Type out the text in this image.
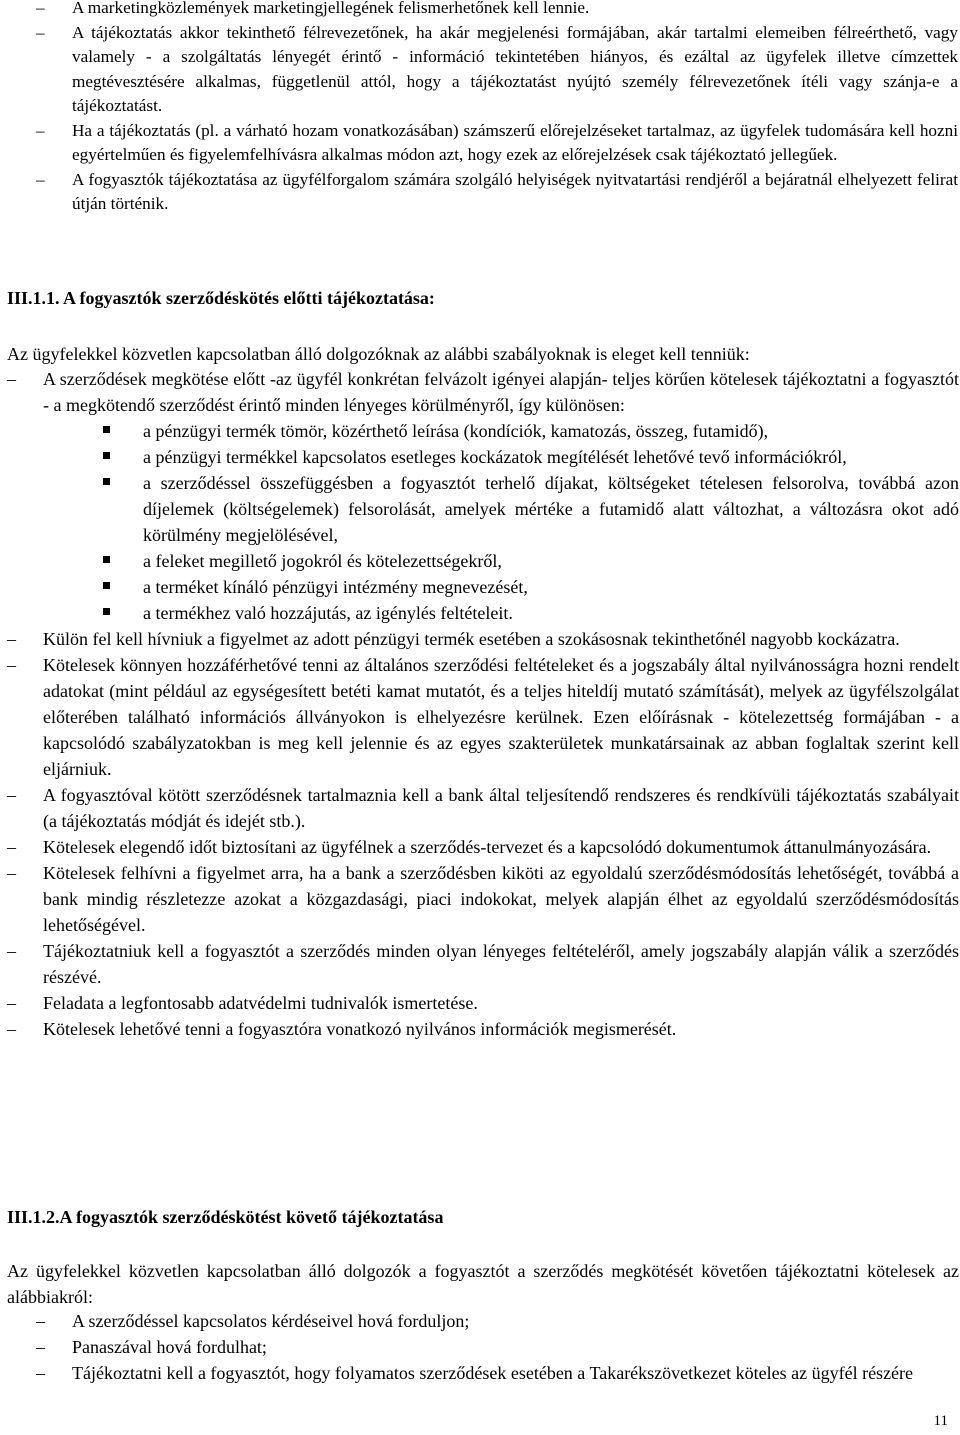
– A marketingközlemények marketingjellegének felismerhetőnek kell lennie.
– A tájékoztatás akkor tekinthető félrevezetőnek, ha akár megjelenési formájában, akár tartalmi elemeiben félreérthető, vagy valamely - a szolgáltatás lényegét érintő - információ tekintetében hiányos, és ezáltal az ügyfelek illetve címzettek megtévesztésére alkalmas, függetlenül attól, hogy a tájékoztatást nyújtó személy félrevezetőnek ítéli vagy szánja-e a tájékoztatást.
– Ha a tájékoztatás (pl. a várható hozam vonatkozásában) számszerű előrejelzéseket tartalmaz, az ügyfelek tudomására kell hozni egyértelműen és figyelemfelhívásra alkalmas módon azt, hogy ezek az előrejelzések csak tájékoztató jellegűek.
– A fogyasztók tájékoztatása az ügyfélforgalom számára szolgáló helyiségek nyitvatartási rendjéről a bejáratnál elhelyezett felirat útján történik.
III.1.1. A fogyasztók szerződéskötés előtti tájékoztatása:
Az ügyfelekkel közvetlen kapcsolatban álló dolgozóknak az alábbi szabályoknak is eleget kell tenniük:
– A szerződések megkötése előtt -az ügyfél konkrétan felvázolt igényei alapján- teljes körűen kötelesek tájékoztatni a fogyasztót - a megkötendő szerződést érintő minden lényeges körülményről, így különösen:
a pénzügyi termék tömör, közérthető leírása (kondíciók, kamatozás, összeg, futamidő),
a pénzügyi termékkel kapcsolatos esetleges kockázatok megítélését lehetővé tevő információkról,
a szerződéssel összefüggésben a fogyasztót terhelő díjakat, költségeket tételesen felsorolva, továbbá azon díjelemek (költségelemek) felsorolását, amelyek mértéke a futamidő alatt változhat, a változásra okot adó körülmény megjelölésével,
a feleket megillető jogokról és kötelezettségekről,
a terméket kínáló pénzügyi intézmény megnevezését,
a termékhez való hozzájutás, az igénylés feltételeit.
– Külön fel kell hívniuk a figyelmet az adott pénzügyi termék esetében a szokásosnak tekinthetőnél nagyobb kockázatra.
– Kötelesek könnyen hozzáférhetővé tenni az általános szerződési feltételeket és a jogszabály által nyilvánosságra hozni rendelt adatokat (mint például az egységesített betéti kamat mutatót, és a teljes hiteldíj mutató számítását), melyek az ügyfélszolgálat előterében található információs állványokon is elhelyezésre kerülnek. Ezen előírásnak - kötelezettség formájában - a kapcsolódó szabályzatokban is meg kell jelennie és az egyes szakterületek munkatársainak az abban foglaltak szerint kell eljárniuk.
– A fogyasztóval kötött szerződésnek tartalmaznia kell a bank által teljesítendő rendszeres és rendkívüli tájékoztatás szabályait (a tájékoztatás módját és idejét stb.).
– Kötelesek elegendő időt biztosítani az ügyfélnek a szerződés-tervezet és a kapcsolódó dokumentumok áttanulmányozására.
– Kötelesek felhívni a figyelmet arra, ha a bank a szerződésben kiköti az egyoldalú szerződésmódosítás lehetőségét, továbbá a bank mindig részletezze azokat a közgazdasági, piaci indokokat, melyek alapján élhet az egyoldalú szerződésmódosítás lehetőségével.
– Tájékoztatniuk kell a fogyasztót a szerződés minden olyan lényeges feltételéről, amely jogszabály alapján válik a szerződés részévé.
– Feladata a legfontosabb adatvédelmi tudnivalók ismertetése.
– Kötelesek lehetővé tenni a fogyasztóra vonatkozó nyilvános információk megismerését.
III.1.2.A fogyasztók szerződéskötést követő tájékoztatása
Az ügyfelekkel közvetlen kapcsolatban álló dolgozók a fogyasztót a szerződés megkötését követően tájékoztatni kötelesek az alábbiakról:
– A szerződéssel kapcsolatos kérdéseivel hová forduljon;
– Panaszával hová fordulhat;
– Tájékoztatni kell a fogyasztót, hogy folyamatos szerződések esetében a Takarékszövetkezet köteles az ügyfél részére
11
